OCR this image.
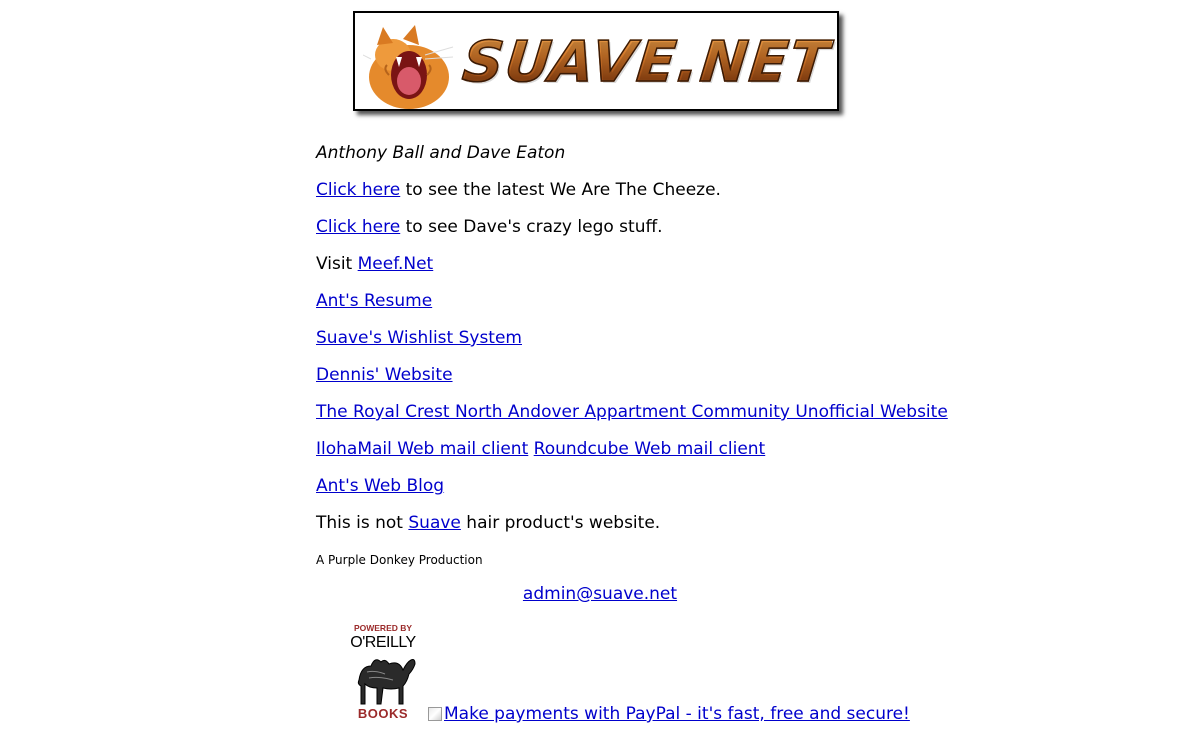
SUAVE.NET

Anthony Ball and Dave Eaton

Click here to see the latest We Are The Cheeze.

Click here to see Dave's crazy lego stuff.

Visit Meef.Net

Ant's Resume

Suave's Wishlist System

Dennis' Website

The Royal Crest North Andover Appartment Community Unofficial Website

IlohaMail Web mail client Roundcube Web mail client

Ant's Web Blog

This is not Suave hair product's website.

A Purple Donkey Production

admin@suave.net
POWERED BY
O'REILLY
BOOKS	Make payments with PayPal - it's fast, free and secure!
